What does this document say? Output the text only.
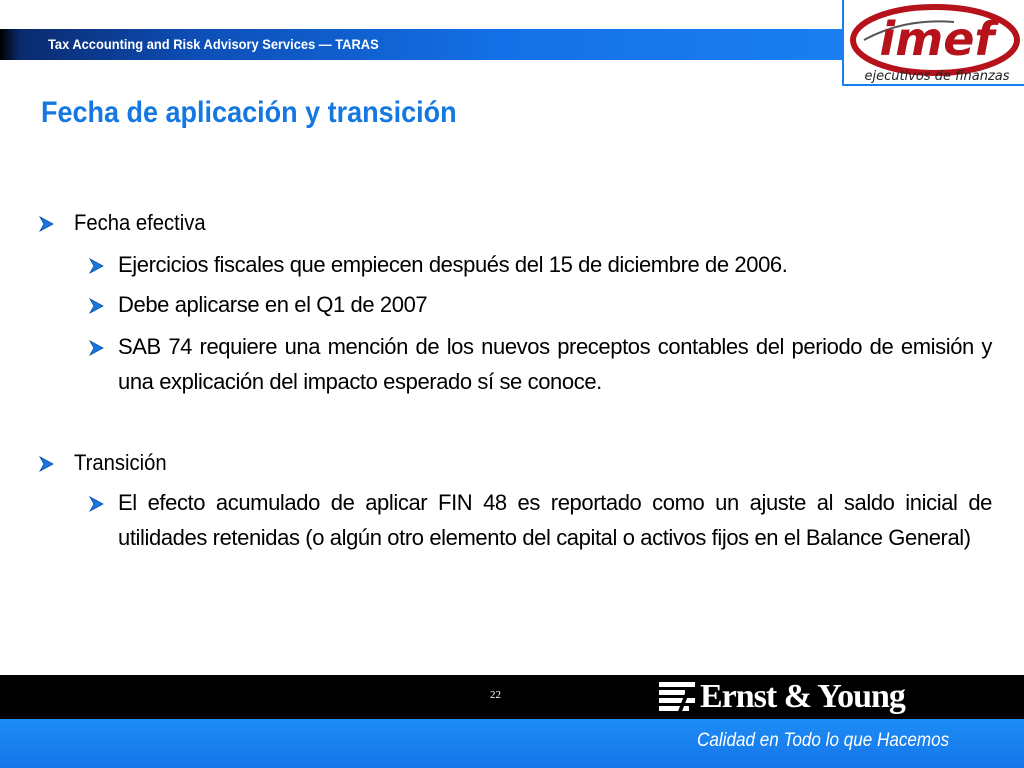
Tax Accounting and Risk Advisory Services — TARAS	imef
ejecutivos de finanzas
Fecha de aplicación y transición
Fecha efectiva
Ejercicios fiscales que empiecen después del 15 de diciembre de 2006.
Debe aplicarse en el Q1 de 2007
SAB 74 requiere una mención de los nuevos preceptos contables del periodo de emisión y una explicación del impacto esperado sí se conoce.
Transición
El efecto acumulado de aplicar FIN 48 es reportado como un ajuste al saldo inicial de utilidades retenidas (o algún otro elemento del capital o activos fijos en el Balance General)
22	Ernst & Young
Calidad en Todo lo que Hacemos
